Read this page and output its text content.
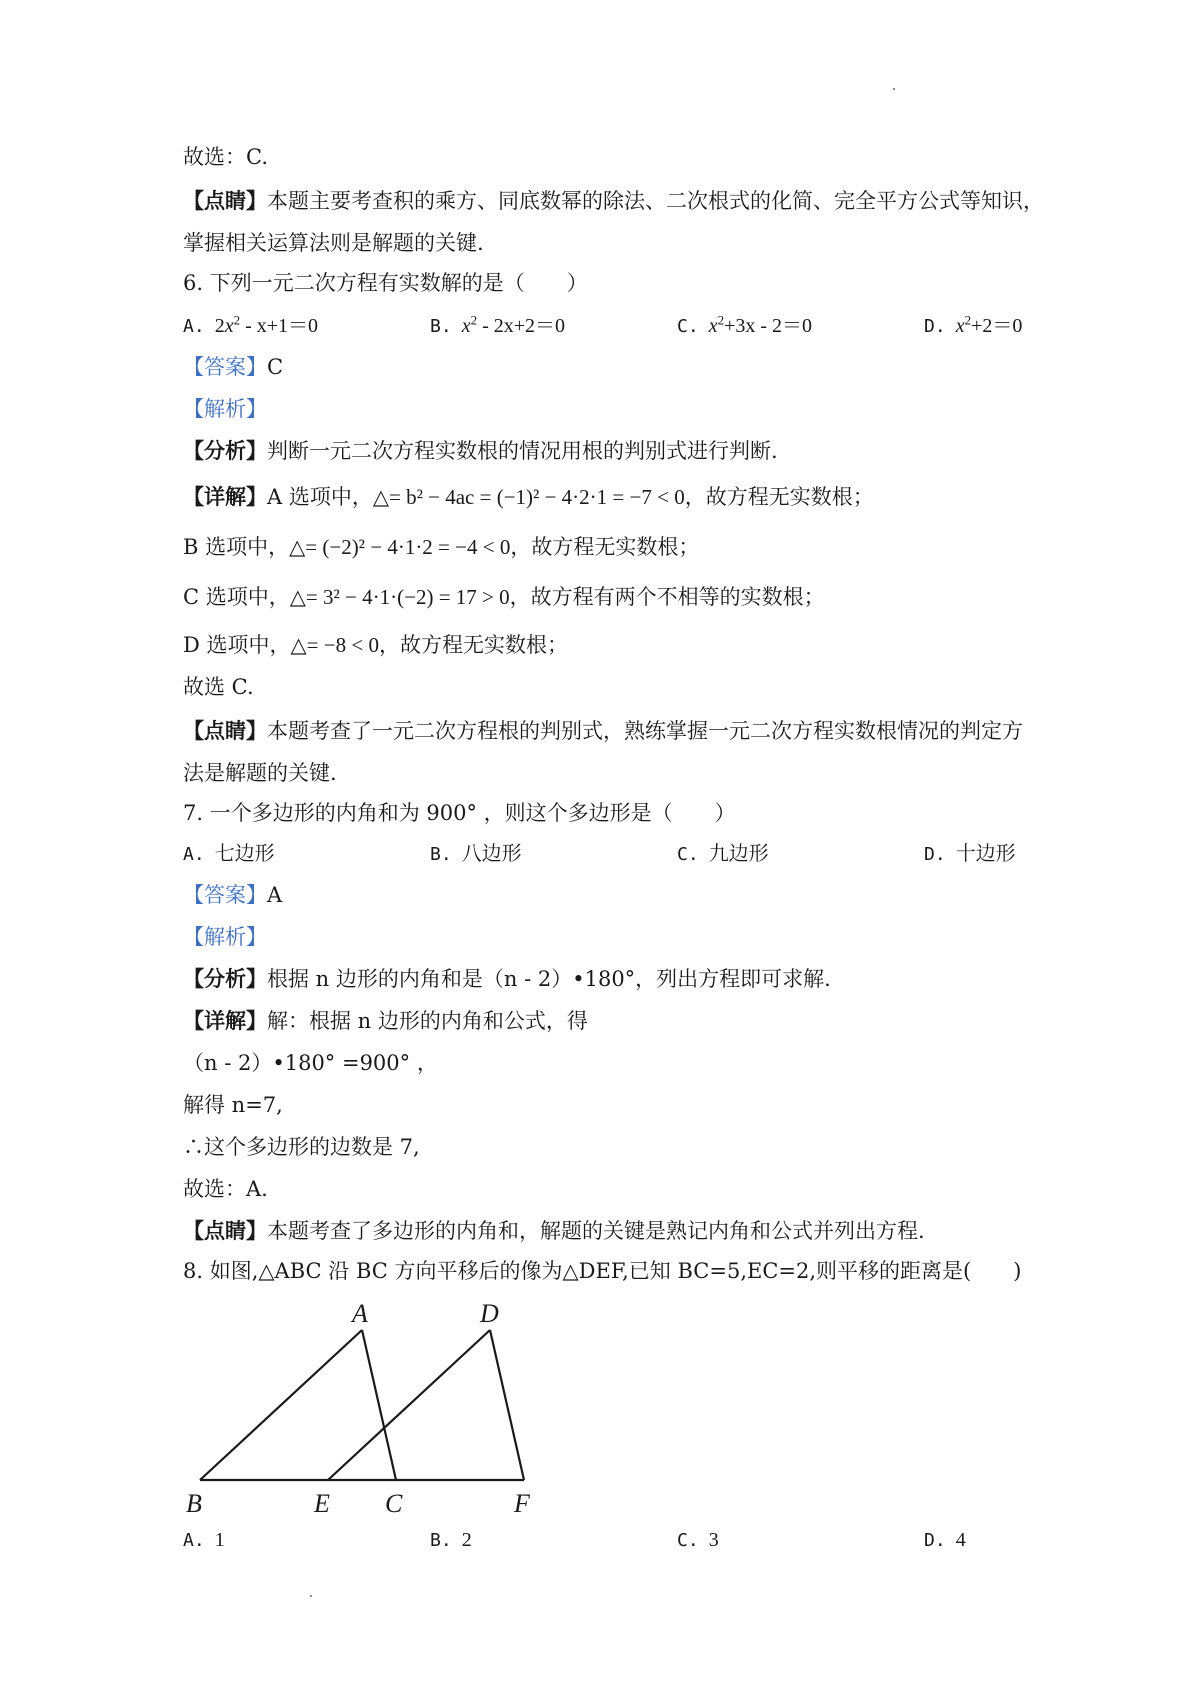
故选：C.
【点睛】本题主要考查积的乘方、同底数幂的除法、二次根式的化简、完全平方公式等知识，
掌握相关运算法则是解题的关键.
6. 下列一元二次方程有实数解的是（　　）
A. $2x^2 - x+1=0$	B. $x^2 - 2x+2=0$	C. $x^2+3x - 2=0$	D. $x^2+2=0$
【答案】C
【解析】
【分析】判断一元二次方程实数根的情况用根的判别式进行判断.
【详解】A 选项中，△= b² − 4ac = (−1)² − 4·2·1 = −7 < 0，故方程无实数根；
B 选项中，△= (−2)² − 4·1·2 = −4 < 0，故方程无实数根；
C 选项中，△= 3² − 4·1·(−2) = 17 > 0，故方程有两个不相等的实数根；
D 选项中，△= −8 < 0，故方程无实数根；
故选 C.
【点睛】本题考查了一元二次方程根的判别式，熟练掌握一元二次方程实数根情况的判定方
法是解题的关键.
7. 一个多边形的内角和为 900° ，则这个多边形是（　　）
A. 七边形	B. 八边形	C. 九边形	D. 十边形
【答案】A
【解析】
【分析】根据 n 边形的内角和是（n - 2）•180°，列出方程即可求解.
【详解】解：根据 n 边形的内角和公式，得
（n - 2）•180° =900° ，
解得 n=7,
∴这个多边形的边数是 7,
故选：A.
【点睛】本题考查了多边形的内角和，解题的关键是熟记内角和公式并列出方程.
8. 如图,△ABC 沿 BC 方向平移后的像为△DEF,已知 BC=5,EC=2,则平移的距离是(　　)
A	D
B	E C	F
A. 1	B. 2	C. 3	D. 4
